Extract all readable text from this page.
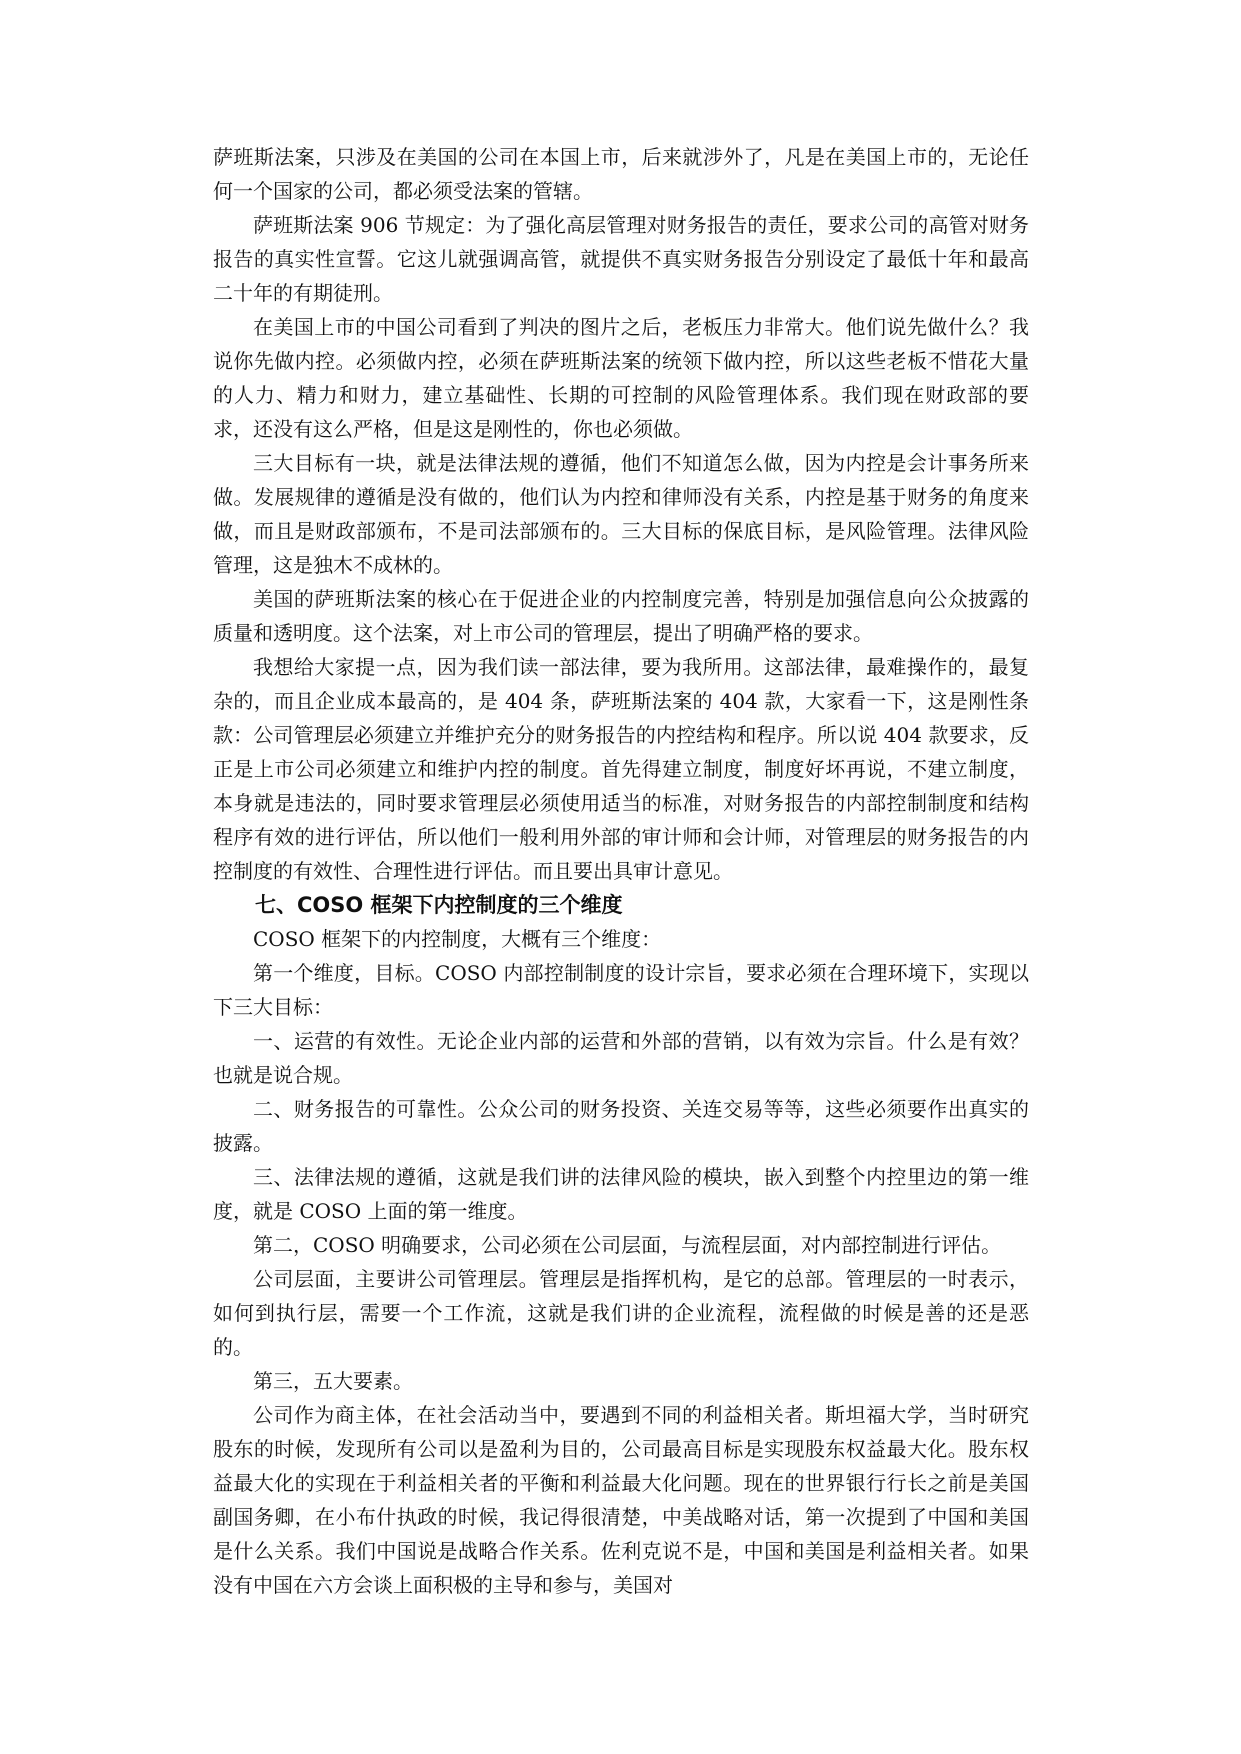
萨班斯法案，只涉及在美国的公司在本国上市，后来就涉外了，凡是在美国上市的，无论任何一个国家的公司，都必须受法案的管辖。

萨班斯法案 906 节规定：为了强化高层管理对财务报告的责任，要求公司的高管对财务报告的真实性宣誓。它这儿就强调高管，就提供不真实财务报告分别设定了最低十年和最高二十年的有期徒刑。

在美国上市的中国公司看到了判决的图片之后，老板压力非常大。他们说先做什么？我说你先做内控。必须做内控，必须在萨班斯法案的统领下做内控，所以这些老板不惜花大量的人力、精力和财力，建立基础性、长期的可控制的风险管理体系。我们现在财政部的要求，还没有这么严格，但是这是刚性的，你也必须做。

三大目标有一块，就是法律法规的遵循，他们不知道怎么做，因为内控是会计事务所来做。发展规律的遵循是没有做的，他们认为内控和律师没有关系，内控是基于财务的角度来做，而且是财政部颁布，不是司法部颁布的。三大目标的保底目标，是风险管理。法律风险管理，这是独木不成林的。

美国的萨班斯法案的核心在于促进企业的内控制度完善，特别是加强信息向公众披露的质量和透明度。这个法案，对上市公司的管理层，提出了明确严格的要求。

我想给大家提一点，因为我们读一部法律，要为我所用。这部法律，最难操作的，最复杂的，而且企业成本最高的，是 404 条，萨班斯法案的 404 款，大家看一下，这是刚性条款：公司管理层必须建立并维护充分的财务报告的内控结构和程序。所以说 404 款要求，反正是上市公司必须建立和维护内控的制度。首先得建立制度，制度好坏再说，不建立制度，本身就是违法的，同时要求管理层必须使用适当的标准，对财务报告的内部控制制度和结构程序有效的进行评估，所以他们一般利用外部的审计师和会计师，对管理层的财务报告的内控制度的有效性、合理性进行评估。而且要出具审计意见。

七、COSO 框架下内控制度的三个维度

COSO 框架下的内控制度，大概有三个维度：

第一个维度，目标。COSO 内部控制制度的设计宗旨，要求必须在合理环境下，实现以下三大目标：

一、运营的有效性。无论企业内部的运营和外部的营销，以有效为宗旨。什么是有效？也就是说合规。

二、财务报告的可靠性。公众公司的财务投资、关连交易等等，这些必须要作出真实的披露。

三、法律法规的遵循，这就是我们讲的法律风险的模块，嵌入到整个内控里边的第一维度，就是 COSO 上面的第一维度。

第二，COSO 明确要求，公司必须在公司层面，与流程层面，对内部控制进行评估。

公司层面，主要讲公司管理层。管理层是指挥机构，是它的总部。管理层的一时表示，如何到执行层，需要一个工作流，这就是我们讲的企业流程，流程做的时候是善的还是恶的。

第三，五大要素。

公司作为商主体，在社会活动当中，要遇到不同的利益相关者。斯坦福大学，当时研究股东的时候，发现所有公司以是盈利为目的，公司最高目标是实现股东权益最大化。股东权益最大化的实现在于利益相关者的平衡和利益最大化问题。现在的世界银行行长之前是美国副国务卿，在小布什执政的时候，我记得很清楚，中美战略对话，第一次提到了中国和美国是什么关系。我们中国说是战略合作关系。佐利克说不是，中国和美国是利益相关者。如果没有中国在六方会谈上面积极的主导和参与，美国对
